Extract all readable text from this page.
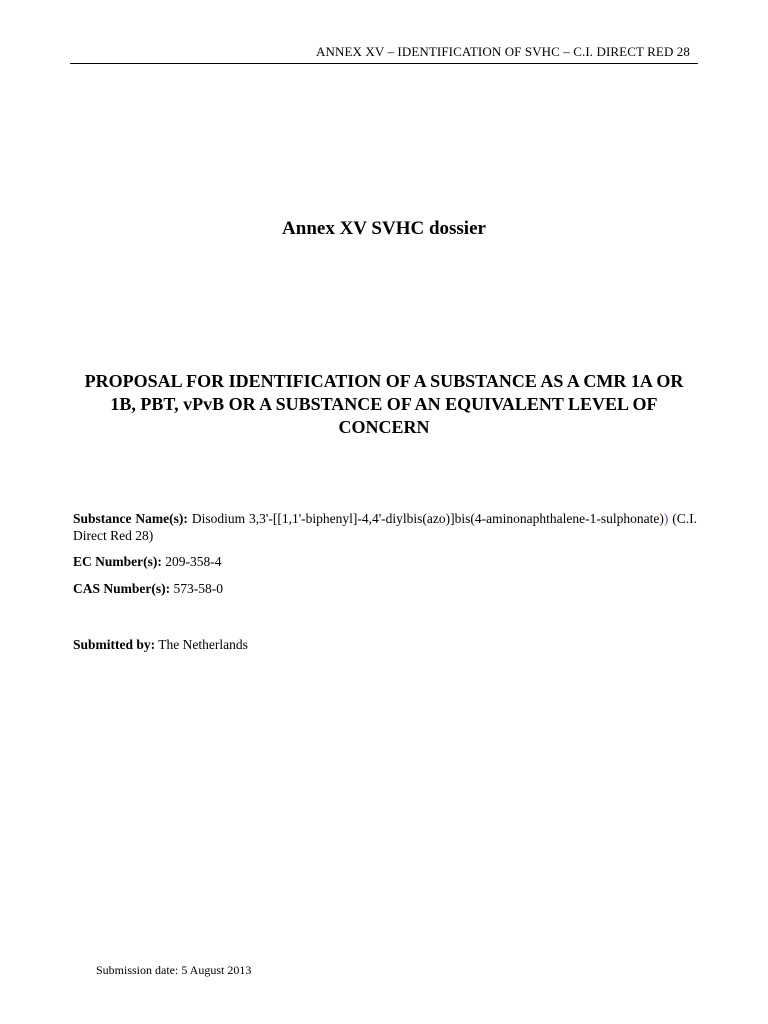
ANNEX XV – IDENTIFICATION OF SVHC – C.I. DIRECT RED 28
Annex XV SVHC dossier
PROPOSAL FOR IDENTIFICATION OF A SUBSTANCE AS A CMR 1A OR 1B, PBT, vPvB OR A SUBSTANCE OF AN EQUIVALENT LEVEL OF CONCERN
Substance Name(s): Disodium 3,3'-[[1,1'-biphenyl]-4,4'-diylbis(azo)]bis(4-aminonaphthalene-1-sulphonate)) (C.I. Direct Red 28)
EC Number(s): 209-358-4
CAS Number(s): 573-58-0
Submitted by: The Netherlands
Submission date: 5 August 2013
